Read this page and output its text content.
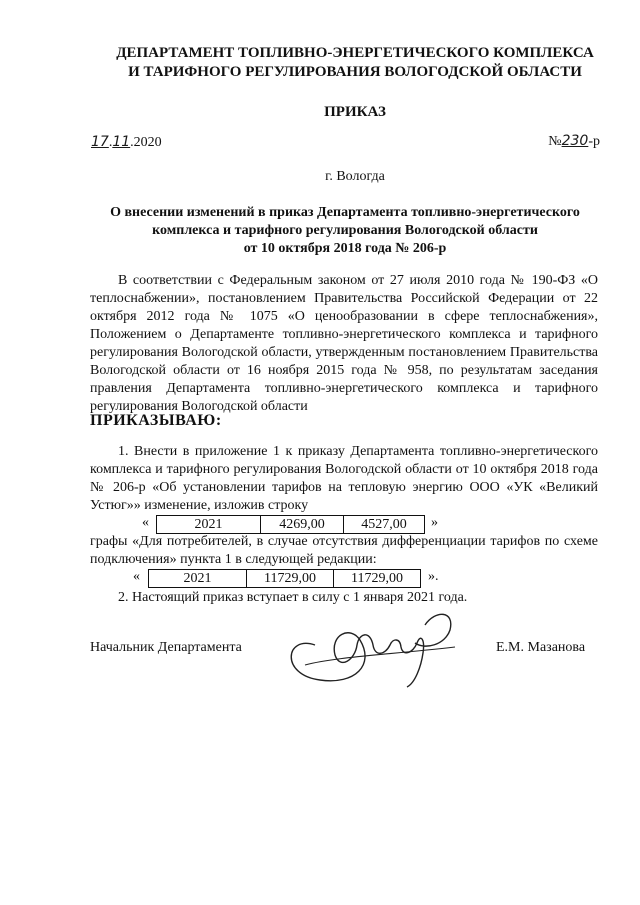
ДЕПАРТАМЕНТ ТОПЛИВНО-ЭНЕРГЕТИЧЕСКОГО КОМПЛЕКСА
И ТАРИФНОГО РЕГУЛИРОВАНИЯ ВОЛОГОДСКОЙ ОБЛАСТИ
ПРИКАЗ
17.11.2020	№230-р
г. Вологда
О внесении изменений в приказ Департамента топливно-энергетического
комплекса и тарифного регулирования Вологодской области
от 10 октября 2018 года № 206-р
В соответствии с Федеральным законом от 27 июля 2010 года № 190-ФЗ «О теплоснабжении», постановлением Правительства Российской Федерации от 22 октября 2012 года № 1075 «О ценообразовании в сфере теплоснабжения», Положением о Департаменте топливно-энергетического комплекса и тарифного регулирования Вологодской области, утвержденным постановлением Правительства Вологодской области от 16 ноября 2015 года № 958, по результатам заседания правления Департамента топливно-энергетического комплекса и тарифного регулирования Вологодской области
ПРИКАЗЫВАЮ:
1. Внести в приложение 1 к приказу Департамента топливно-энергетического комплекса и тарифного регулирования Вологодской области от 10 октября 2018 года № 206-р «Об установлении тарифов на тепловую энергию ООО «УК «Великий Устюг»» изменение, изложив строку
«	2021	4269,00	4527,00	»
графы «Для потребителей, в случае отсутствия дифференциации тарифов по схеме подключения» пункта 1 в следующей редакции:
«	2021	11729,00	11729,00	».
2. Настоящий приказ вступает в силу с 1 января 2021 года.
Начальник Департамента	Е.М. Мазанова
